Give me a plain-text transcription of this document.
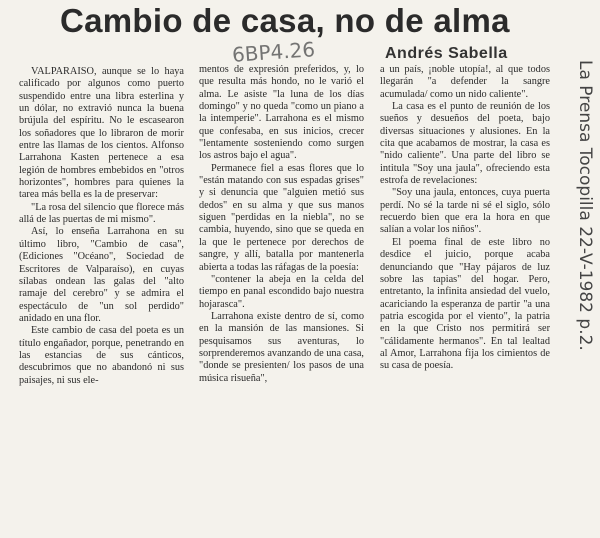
Cambio de casa, no de alma
6BP4.26	Andrés Sabella

VALPARAISO, aunque se lo haya calificado por algunos como puerto suspendido entre una libra esterlina y un dólar, no extravió nunca la buena brújula del espíritu. No le escasearon los soñadores que lo libraron de morir entre las llamas de los cientos. Alfonso Larrahona Kasten pertenece a esa legión de hombres embebidos en "otros horizontes", hombres para quienes la tarea más bella es la de preservar:

"La rosa del silencio que florece más allá de las puertas de mi mismo".

Así, lo enseña Larrahona en su último libro, "Cambio de casa", (Ediciones "Océano", Sociedad de Escritores de Valparaíso), en cuyas sílabas ondean las galas del "alto ramaje del cerebro" y se admira el espectáculo de "un sol perdido" anidado en una flor.

Este cambio de casa del poeta es un título engañador, porque, penetrando en las estancias de sus cánticos, descubrimos que no abandonó ni sus paisajes, ni sus ele-

mentos de expresión preferidos, y, lo que resulta más hondo, no le varió el alma. Le asiste "la luna de los días domingo" y no queda "como un piano a la intemperie". Larrahona es el mismo que confesaba, en sus inicios, crecer "lentamente sosteniendo como surgen los astros bajo el agua".

Permanece fiel a esas flores que lo "están matando con sus espadas grises" y si denuncia que "alguien metió sus dedos" en su alma y que sus manos siguen "perdidas en la niebla", no se cambia, huyendo, sino que se queda en la que le pertenece por derechos de sangre, y allí, batalla por mantenerla abierta a todas las ráfagas de la poesía:

"contener la abeja en la celda del tiempo en panal escondido bajo nuestra hojarasca".

Larrahona existe dentro de sí, como en la mansión de las mansiones. Si pesquisamos sus aventuras, lo sorprenderemos avanzando de una casa, "donde se presienten/ los pasos de una música risueña",

a un país, ¡noble utopía!, al que todos llegarán "a defender la sangre acumulada/ como un nido caliente".

La casa es el punto de reunión de los sueños y desueños del poeta, bajo diversas situaciones y alusiones. En la cita que acabamos de mostrar, la casa es "nido caliente". Una parte del libro se intitula "Soy una jaula", ofreciendo esta estrofa de revelaciones:

"Soy una jaula, entonces, cuya puerta perdí. No sé la tarde ni sé el siglo, sólo recuerdo bien que era la hora en que salían a volar los niños".

El poema final de este libro no desdice el juicio, porque acaba denunciando que "Hay pájaros de luz sobre las tapias" del hogar. Pero, entretanto, la infinita ansiedad del vuelo, acariciando la esperanza de partir "a una patria escogida por el viento", la patria en la que Cristo nos permitirá ser "cálidamente hermanos". En tal lealtad al Amor, Larrahona fija los cimientos de su casa de poesía.

La Prensa Tocopilla 22-V-1982 p.2.
